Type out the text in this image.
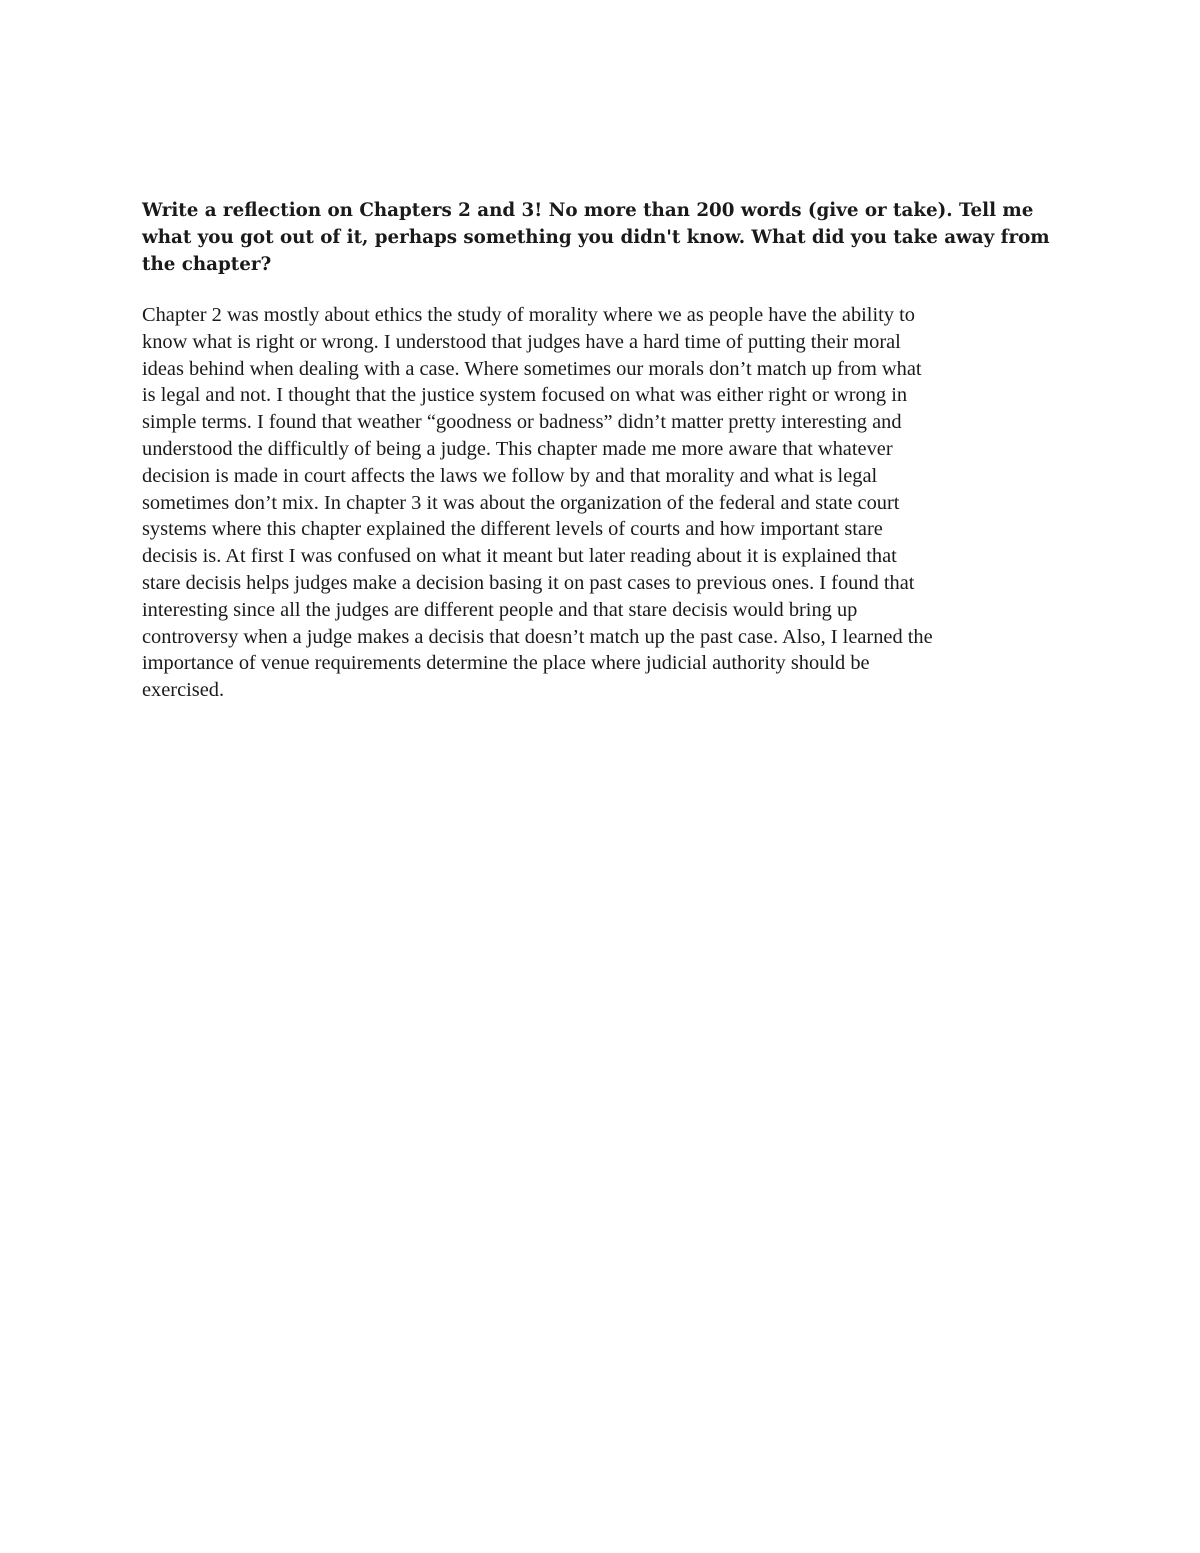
Write a reflection on Chapters 2 and 3! No more than 200 words (give or take). Tell me
what you got out of it, perhaps something you didn't know. What did you take away from
the chapter?

Chapter 2 was mostly about ethics the study of morality where we as people have the ability to
know what is right or wrong. I understood that judges have a hard time of putting their moral
ideas behind when dealing with a case. Where sometimes our morals don’t match up from what
is legal and not. I thought that the justice system focused on what was either right or wrong in
simple terms. I found that weather “goodness or badness” didn’t matter pretty interesting and
understood the difficultly of being a judge. This chapter made me more aware that whatever
decision is made in court affects the laws we follow by and that morality and what is legal
sometimes don’t mix. In chapter 3 it was about the organization of the federal and state court
systems where this chapter explained the different levels of courts and how important stare
decisis is. At first I was confused on what it meant but later reading about it is explained that
stare decisis helps judges make a decision basing it on past cases to previous ones. I found that
interesting since all the judges are different people and that stare decisis would bring up
controversy when a judge makes a decisis that doesn’t match up the past case. Also, I learned the
importance of venue requirements determine the place where judicial authority should be
exercised.
